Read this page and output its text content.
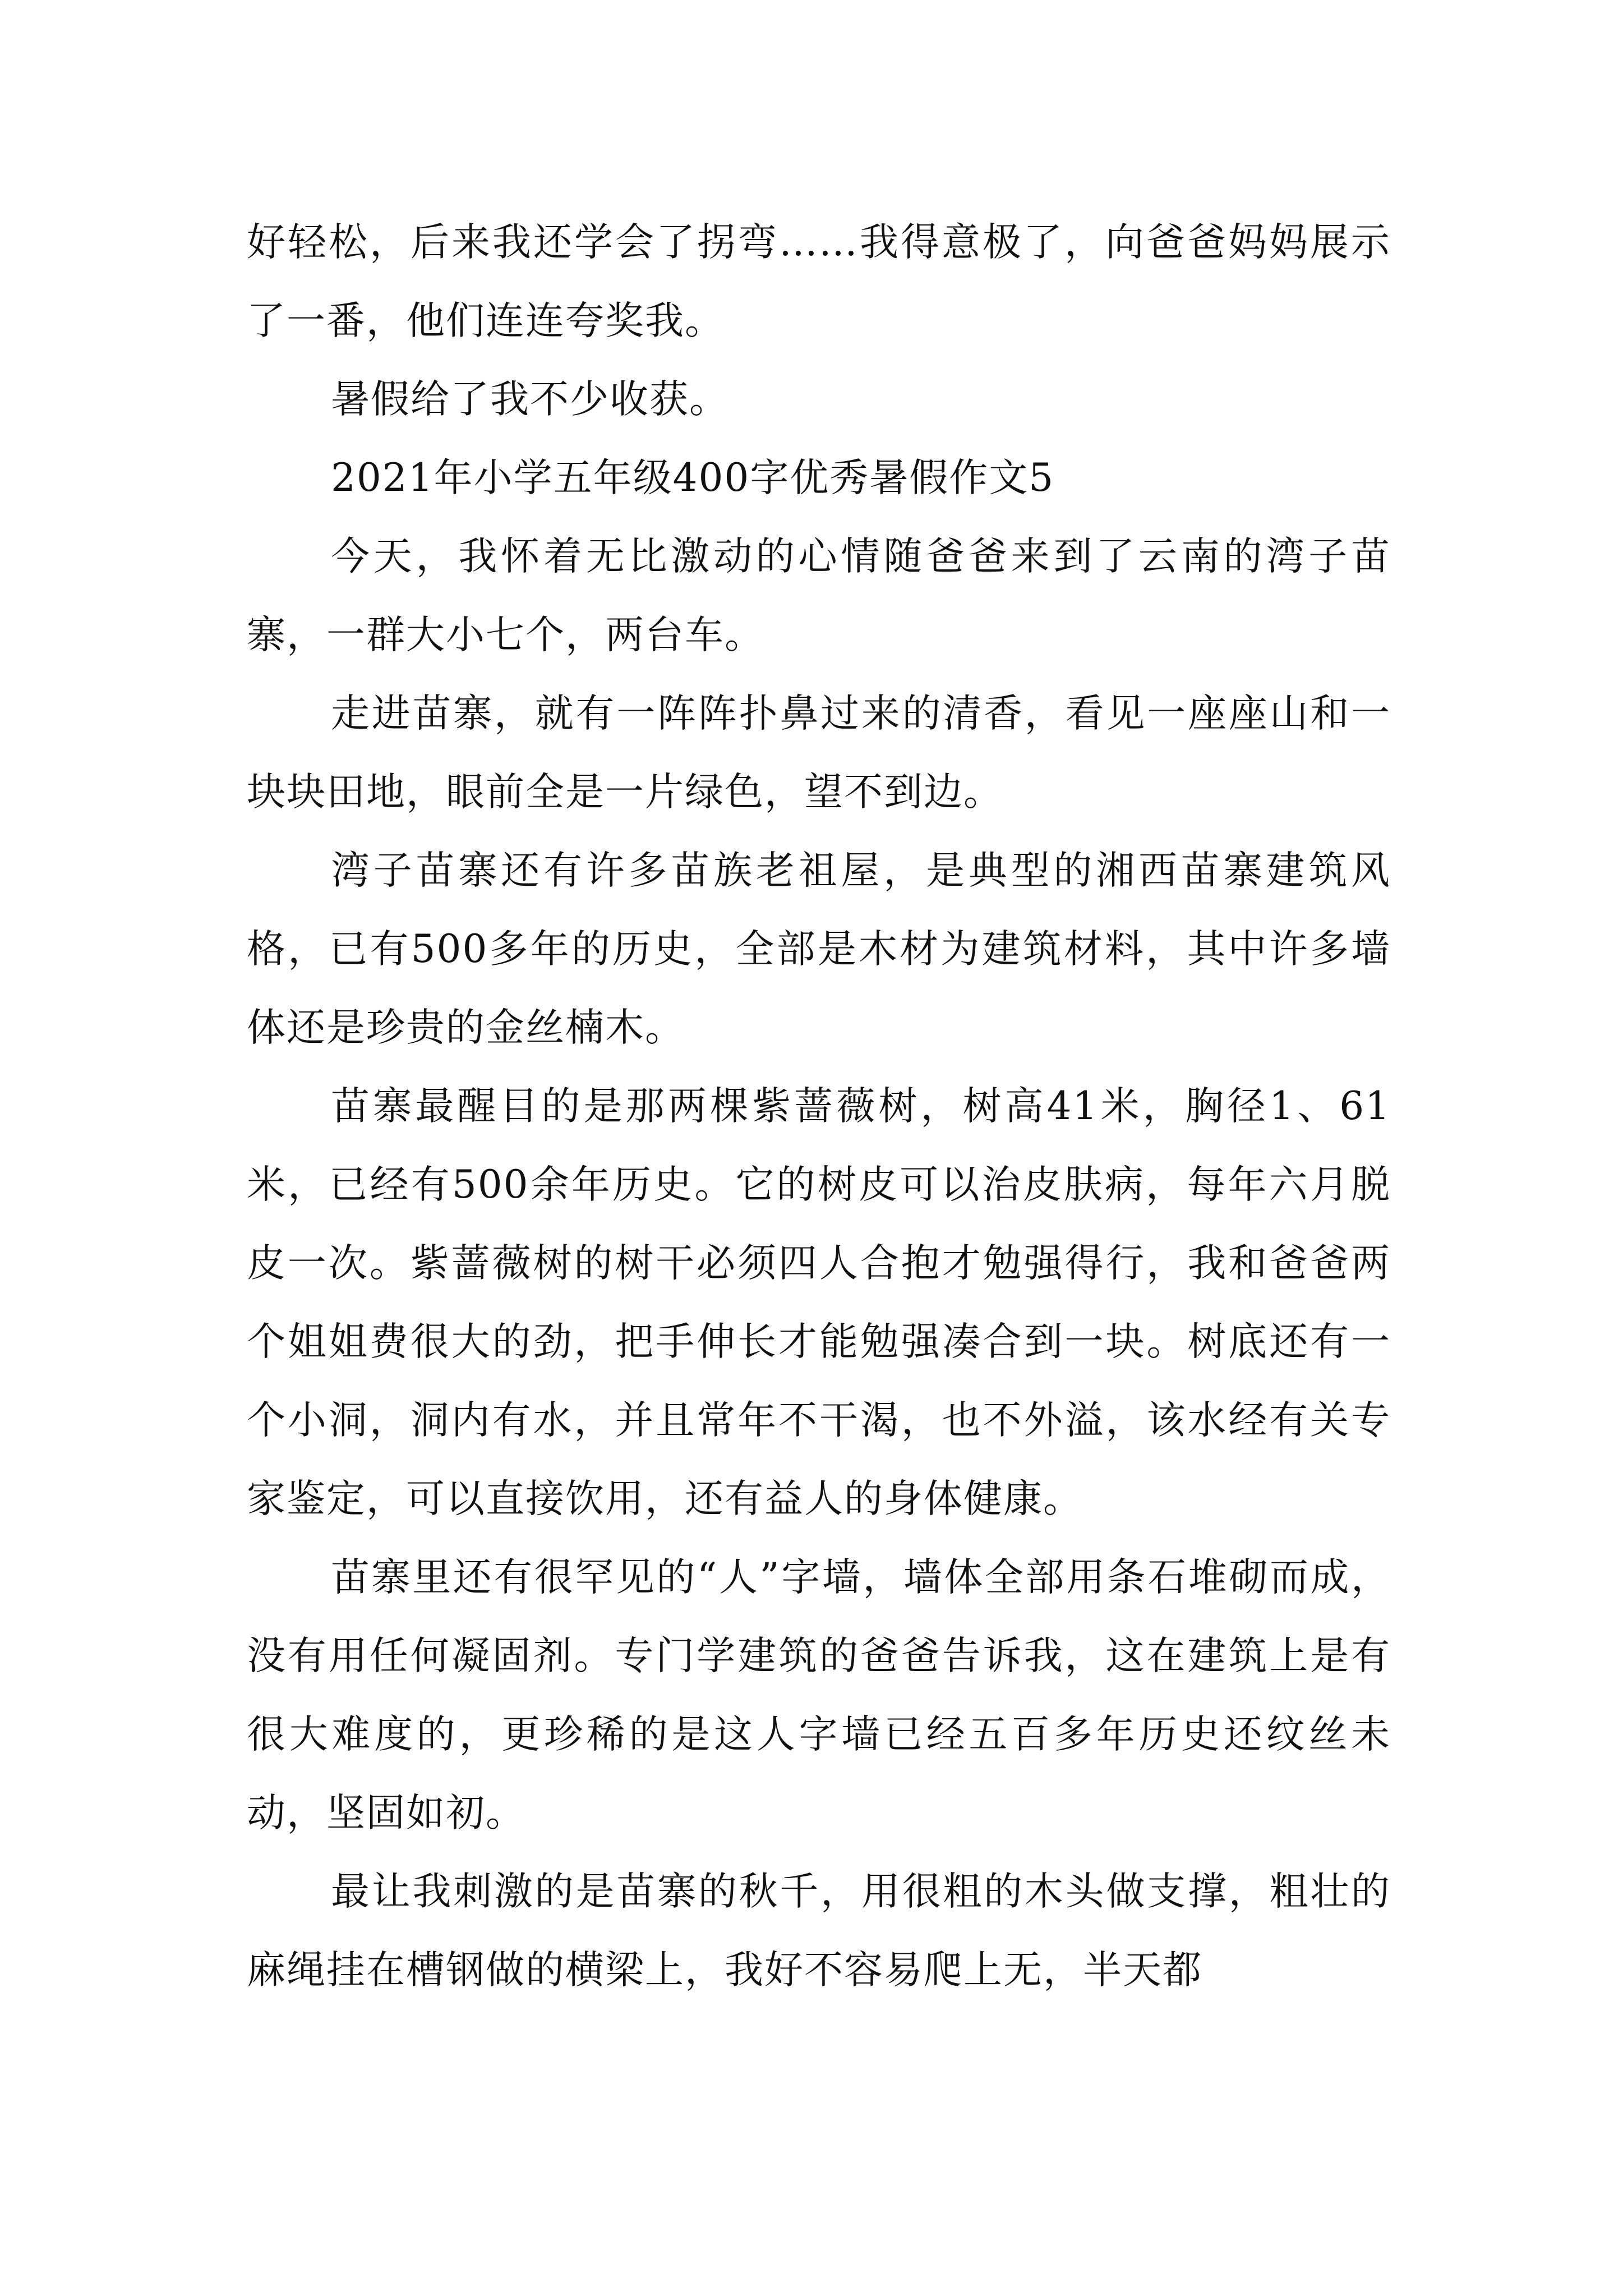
好轻松，后来我还学会了拐弯……我得意极了，向爸爸妈妈展示了一番，他们连连夸奖我。

暑假给了我不少收获。

2021年小学五年级400字优秀暑假作文5

今天，我怀着无比激动的心情随爸爸来到了云南的湾子苗寨，一群大小七个，两台车。

走进苗寨，就有一阵阵扑鼻过来的清香，看见一座座山和一块块田地，眼前全是一片绿色，望不到边。

湾子苗寨还有许多苗族老祖屋，是典型的湘西苗寨建筑风格，已有500多年的历史，全部是木材为建筑材料，其中许多墙体还是珍贵的金丝楠木。

苗寨最醒目的是那两棵紫蔷薇树，树高41米，胸径1、61米，已经有500余年历史。它的树皮可以治皮肤病，每年六月脱皮一次。紫蔷薇树的树干必须四人合抱才勉强得行，我和爸爸两个姐姐费很大的劲，把手伸长才能勉强凑合到一块。树底还有一个小洞，洞内有水，并且常年不干渴，也不外溢，该水经有关专家鉴定，可以直接饮用，还有益人的身体健康。

苗寨里还有很罕见的“人”字墙，墙体全部用条石堆砌而成，没有用任何凝固剂。专门学建筑的爸爸告诉我，这在建筑上是有很大难度的，更珍稀的是这人字墙已经五百多年历史还纹丝未动，坚固如初。

最让我刺激的是苗寨的秋千，用很粗的木头做支撑，粗壮的麻绳挂在槽钢做的横梁上，我好不容易爬上无，半天都
